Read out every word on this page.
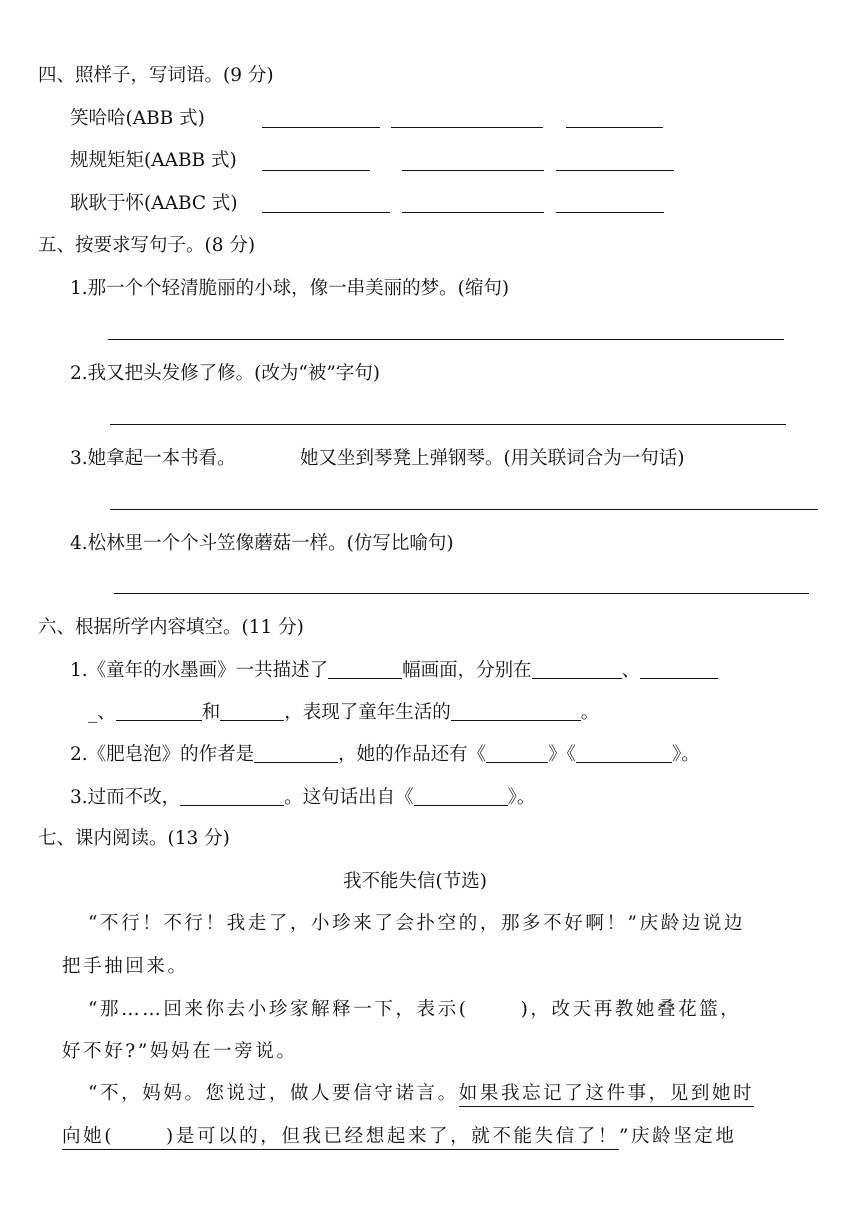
四、照样子，写词语。(9 分)
笑哈哈(ABB 式)
规规矩矩(AABB 式)
耿耿于怀(AABC 式)
五、按要求写句子。(8 分)
1.那一个个轻清脆丽的小球，像一串美丽的梦。(缩句)
2.我又把头发修了修。(改为“被”字句)
3.她拿起一本书看。	她又坐到琴凳上弹钢琴。(用关联词合为一句话)
4.松林里一个个斗笠像蘑菇一样。(仿写比喻句)
六、根据所学内容填空。(11 分)
1.《童年的水墨画》一共描述了	幅画面，分别在	、
_、	和	，表现了童年生活的	。
2.《肥皂泡》的作者是	，她的作品还有《	》《	》。
3.过而不改，	。这句话出自《	》。
七、课内阅读。(13 分)
我不能失信(节选)
“不行！不行！我走了，小珍来了会扑空的，那多不好啊！”庆龄边说边
把手抽回来。
“那……回来你去小珍家解释一下，表示(	)，改天再教她叠花篮，
好不好?”妈妈在一旁说。
“不，妈妈。您说过，做人要信守诺言。如果我忘记了这件事，见到她时
向她(	)是可以的，但我已经想起来了，就不能失信了！”庆龄坚定地
